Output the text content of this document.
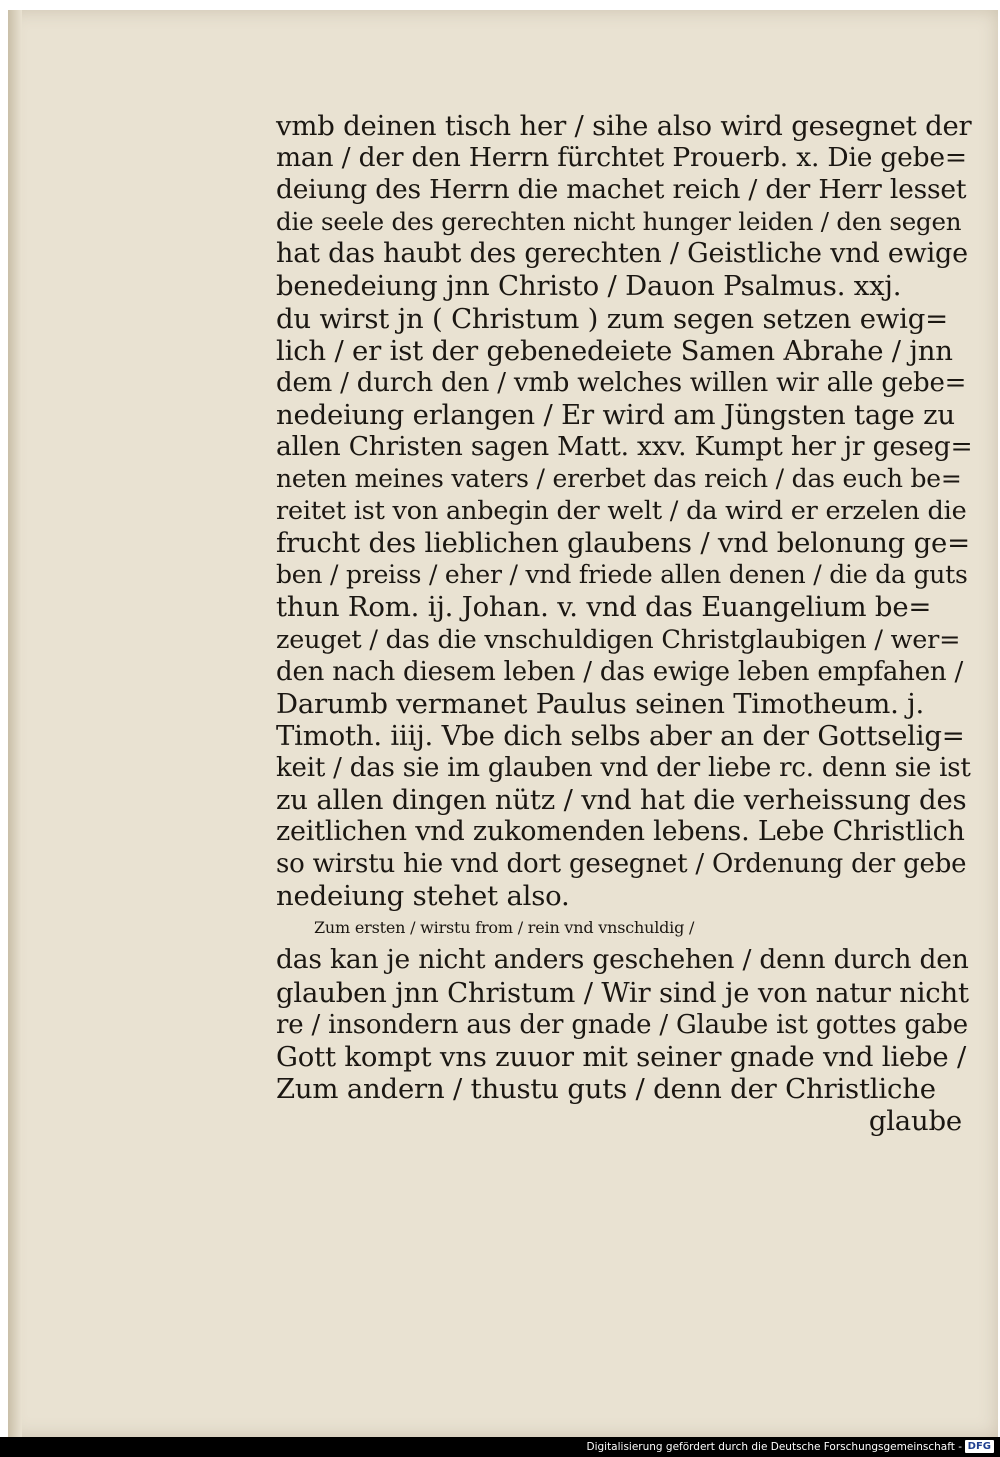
vmb deinen tisch her / sihe also wird gesegnet der
man / der den Herrn fürchtet Prouerb. x. Die gebe=
deiung des Herrn die machet reich / der Herr lesset
die seele des gerechten nicht hunger leiden / den segen
hat das haubt des gerechten / Geistliche vnd ewige
benedeiung jnn Christo / Dauon Psalmus. xxj.
du wirst jn ( Christum ) zum segen setzen ewig=
lich / er ist der gebenedeiete Samen Abrahe / jnn
dem / durch den / vmb welches willen wir alle gebe=
nedeiung erlangen / Er wird am Jüngsten tage zu
allen Christen sagen Matt. xxv. Kumpt her jr geseg=
neten meines vaters / ererbet das reich / das euch be=
reitet ist von anbegin der welt / da wird er erzelen die
frucht des lieblichen glaubens / vnd belonung ge=
ben / preiss / eher / vnd friede allen denen / die da guts
thun Rom. ij. Johan. v. vnd das Euangelium be=
zeuget / das die vnschuldigen Christglaubigen / wer=
den nach diesem leben / das ewige leben empfahen /
Darumb vermanet Paulus seinen Timotheum. j.
Timoth. iiij. Vbe dich selbs aber an der Gottselig=
keit / das sie im glauben vnd der liebe rc. denn sie ist
zu allen dingen nütz / vnd hat die verheissung des
zeitlichen vnd zukomenden lebens. Lebe Christlich
so wirstu hie vnd dort gesegnet / Ordenung der gebe
nedeiung stehet also.
Zum ersten / wirstu from / rein vnd vnschuldig /
das kan je nicht anders geschehen / denn durch den
glauben jnn Christum / Wir sind je von natur nicht
re / insondern aus der gnade / Glaube ist gottes gabe
Gott kompt vns zuuor mit seiner gnade vnd liebe /
Zum andern / thustu guts / denn der Christliche
glaube
Digitalisierung gefördert durch die Deutsche Forschungsgemeinschaft - DFG
